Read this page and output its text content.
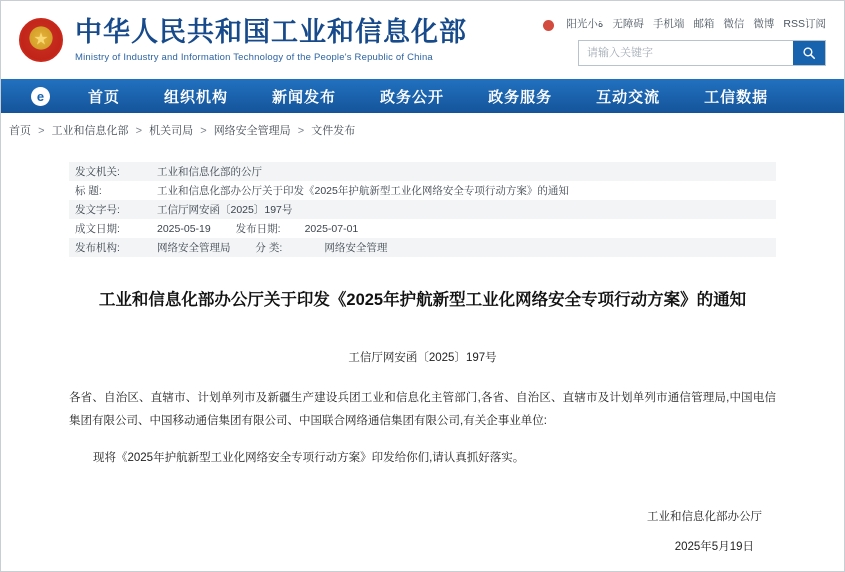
★
中华人民共和国工业和信息化部
Ministry of Industry and Information Technology of the People's Republic of China
阳光小ة 无障碍 手机端 邮箱 微信 微博 RSS订阅
请输入关键字
e	首页	组织机构	新闻发布	政务公开	政务服务	互动交流	工信数据
首页 > 工业和信息化部 > 机关司局 > 网络安全管理局 > 文件发布
发文机关:	工业和信息化部的公厅
标 题:	工业和信息化部办公厅关于印发《2025年护航新型工业化网络安全专项行动方案》的通知
发文字号:	工信厅网安函〔2025〕197号
成文日期:	2025-05-19 发布日期: 2025-07-01
发布机构:	网络安全管理局 分 类: 网络安全管理
工业和信息化部办公厅关于印发《2025年护航新型工业化网络安全专项行动方案》的通知
工信厅网安函〔2025〕197号
各省、自治区、直辖市、计划单列市及新疆生产建设兵团工业和信息化主管部门,各省、自治区、直辖市及计划单列市通信管理局,中国电信集团有限公司、中国移动通信集团有限公司、中国联合网络通信集团有限公司,有关企事业单位:
现将《2025年护航新型工业化网络安全专项行动方案》印发给你们,请认真抓好落实。
工业和信息化部办公厅
2025年5月19日
